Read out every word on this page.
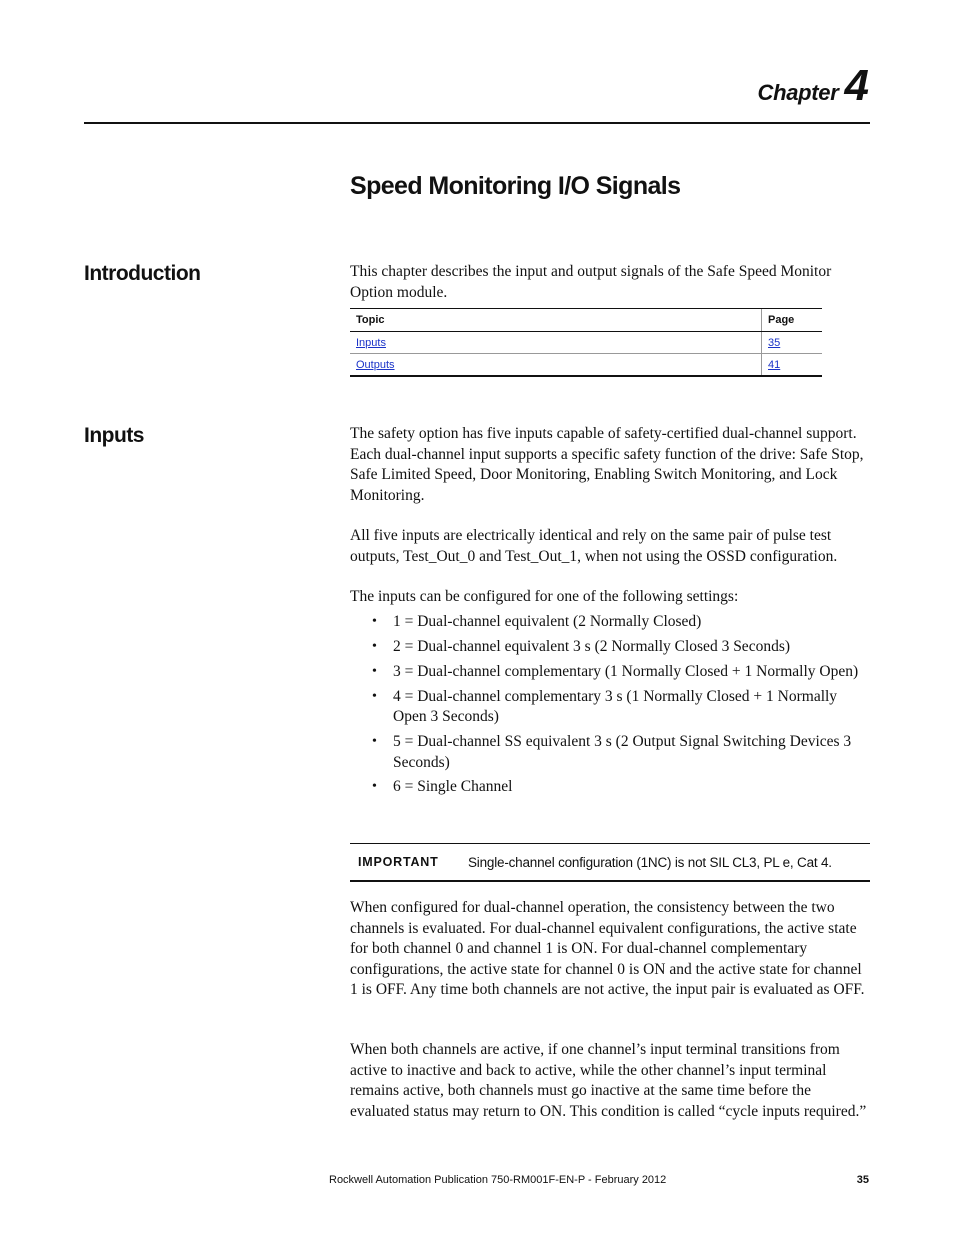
Chapter 4
Speed Monitoring I/O Signals
Introduction	This chapter describes the input and output signals of the Safe Speed Monitor Option module.

Topic	Page
Inputs	35
Outputs	41
Inputs	The safety option has five inputs capable of safety-certified dual-channel support. Each dual-channel input supports a specific safety function of the drive: Safe Stop, Safe Limited Speed, Door Monitoring, Enabling Switch Monitoring, and Lock Monitoring.

All five inputs are electrically identical and rely on the same pair of pulse test outputs, Test_Out_0 and Test_Out_1, when not using the OSSD configuration.

The inputs can be configured for one of the following settings:

• 1 = Dual-channel equivalent (2 Normally Closed)
• 2 = Dual-channel equivalent 3 s (2 Normally Closed 3 Seconds)
• 3 = Dual-channel complementary (1 Normally Closed + 1 Normally Open)
• 4 = Dual-channel complementary 3 s (1 Normally Closed + 1 Normally Open 3 Seconds)
• 5 = Dual-channel SS equivalent 3 s (2 Output Signal Switching Devices 3 Seconds)
• 6 = Single Channel
IMPORTANT	Single-channel configuration (1NC) is not SIL CL3, PL e, Cat 4.

When configured for dual-channel operation, the consistency between the two channels is evaluated. For dual-channel equivalent configurations, the active state for both channel 0 and channel 1 is ON. For dual-channel complementary configurations, the active state for channel 0 is ON and the active state for channel 1 is OFF. Any time both channels are not active, the input pair is evaluated as OFF.

When both channels are active, if one channel’s input terminal transitions from active to inactive and back to active, while the other channel’s input terminal remains active, both channels must go inactive at the same time before the evaluated status may return to ON. This condition is called “cycle inputs required.”

Rockwell Automation Publication 750-RM001F-EN-P - February 2012	35
